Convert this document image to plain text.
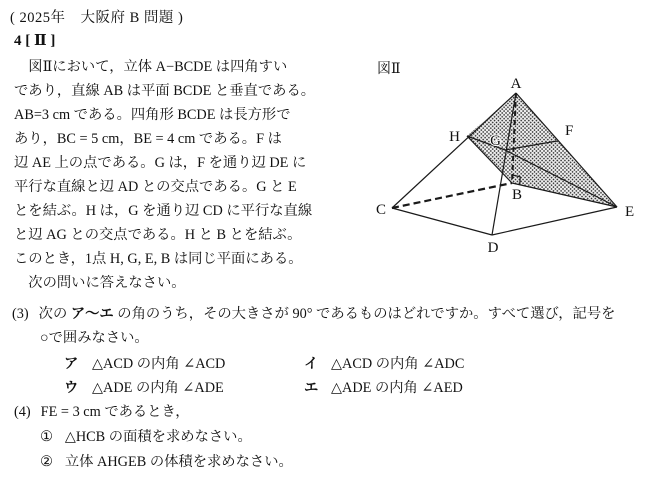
( 2025年　大阪府 B 問題 )
4 [ Ⅱ ]
　図Ⅱにおいて，立体 A−BCDE は四角すい
であり，直線 AB は平面 BCDE と垂直である。
AB=3 cm である。四角形 BCDE は長方形で
あり，BC = 5 cm，BE = 4 cm である。F は
辺 AE 上の点である。G は，F を通り辺 DE に
平行な直線と辺 AD との交点である。G と E
とを結ぶ。H は，G を通り辺 CD に平行な直線
と辺 AG との交点である。H と B とを結ぶ。
このとき，1点 H, G, E, B は同じ平面にある。
　次の問いに答えなさい。
図Ⅱ
A
H G
F
B
C
D
E
(3) 次の ア～エ の角のうち，その大きさが 90° であるものはどれですか。すべて選び，記号を
○で囲みなさい。
ア △ACD の内角 ∠ACD	イ △ACD の内角 ∠ADC
ウ △ADE の内角 ∠ADE	エ △ADE の内角 ∠AED
(4) FE = 3 cm であるとき，
① △HCB の面積を求めなさい。
② 立体 AHGEB の体積を求めなさい。
